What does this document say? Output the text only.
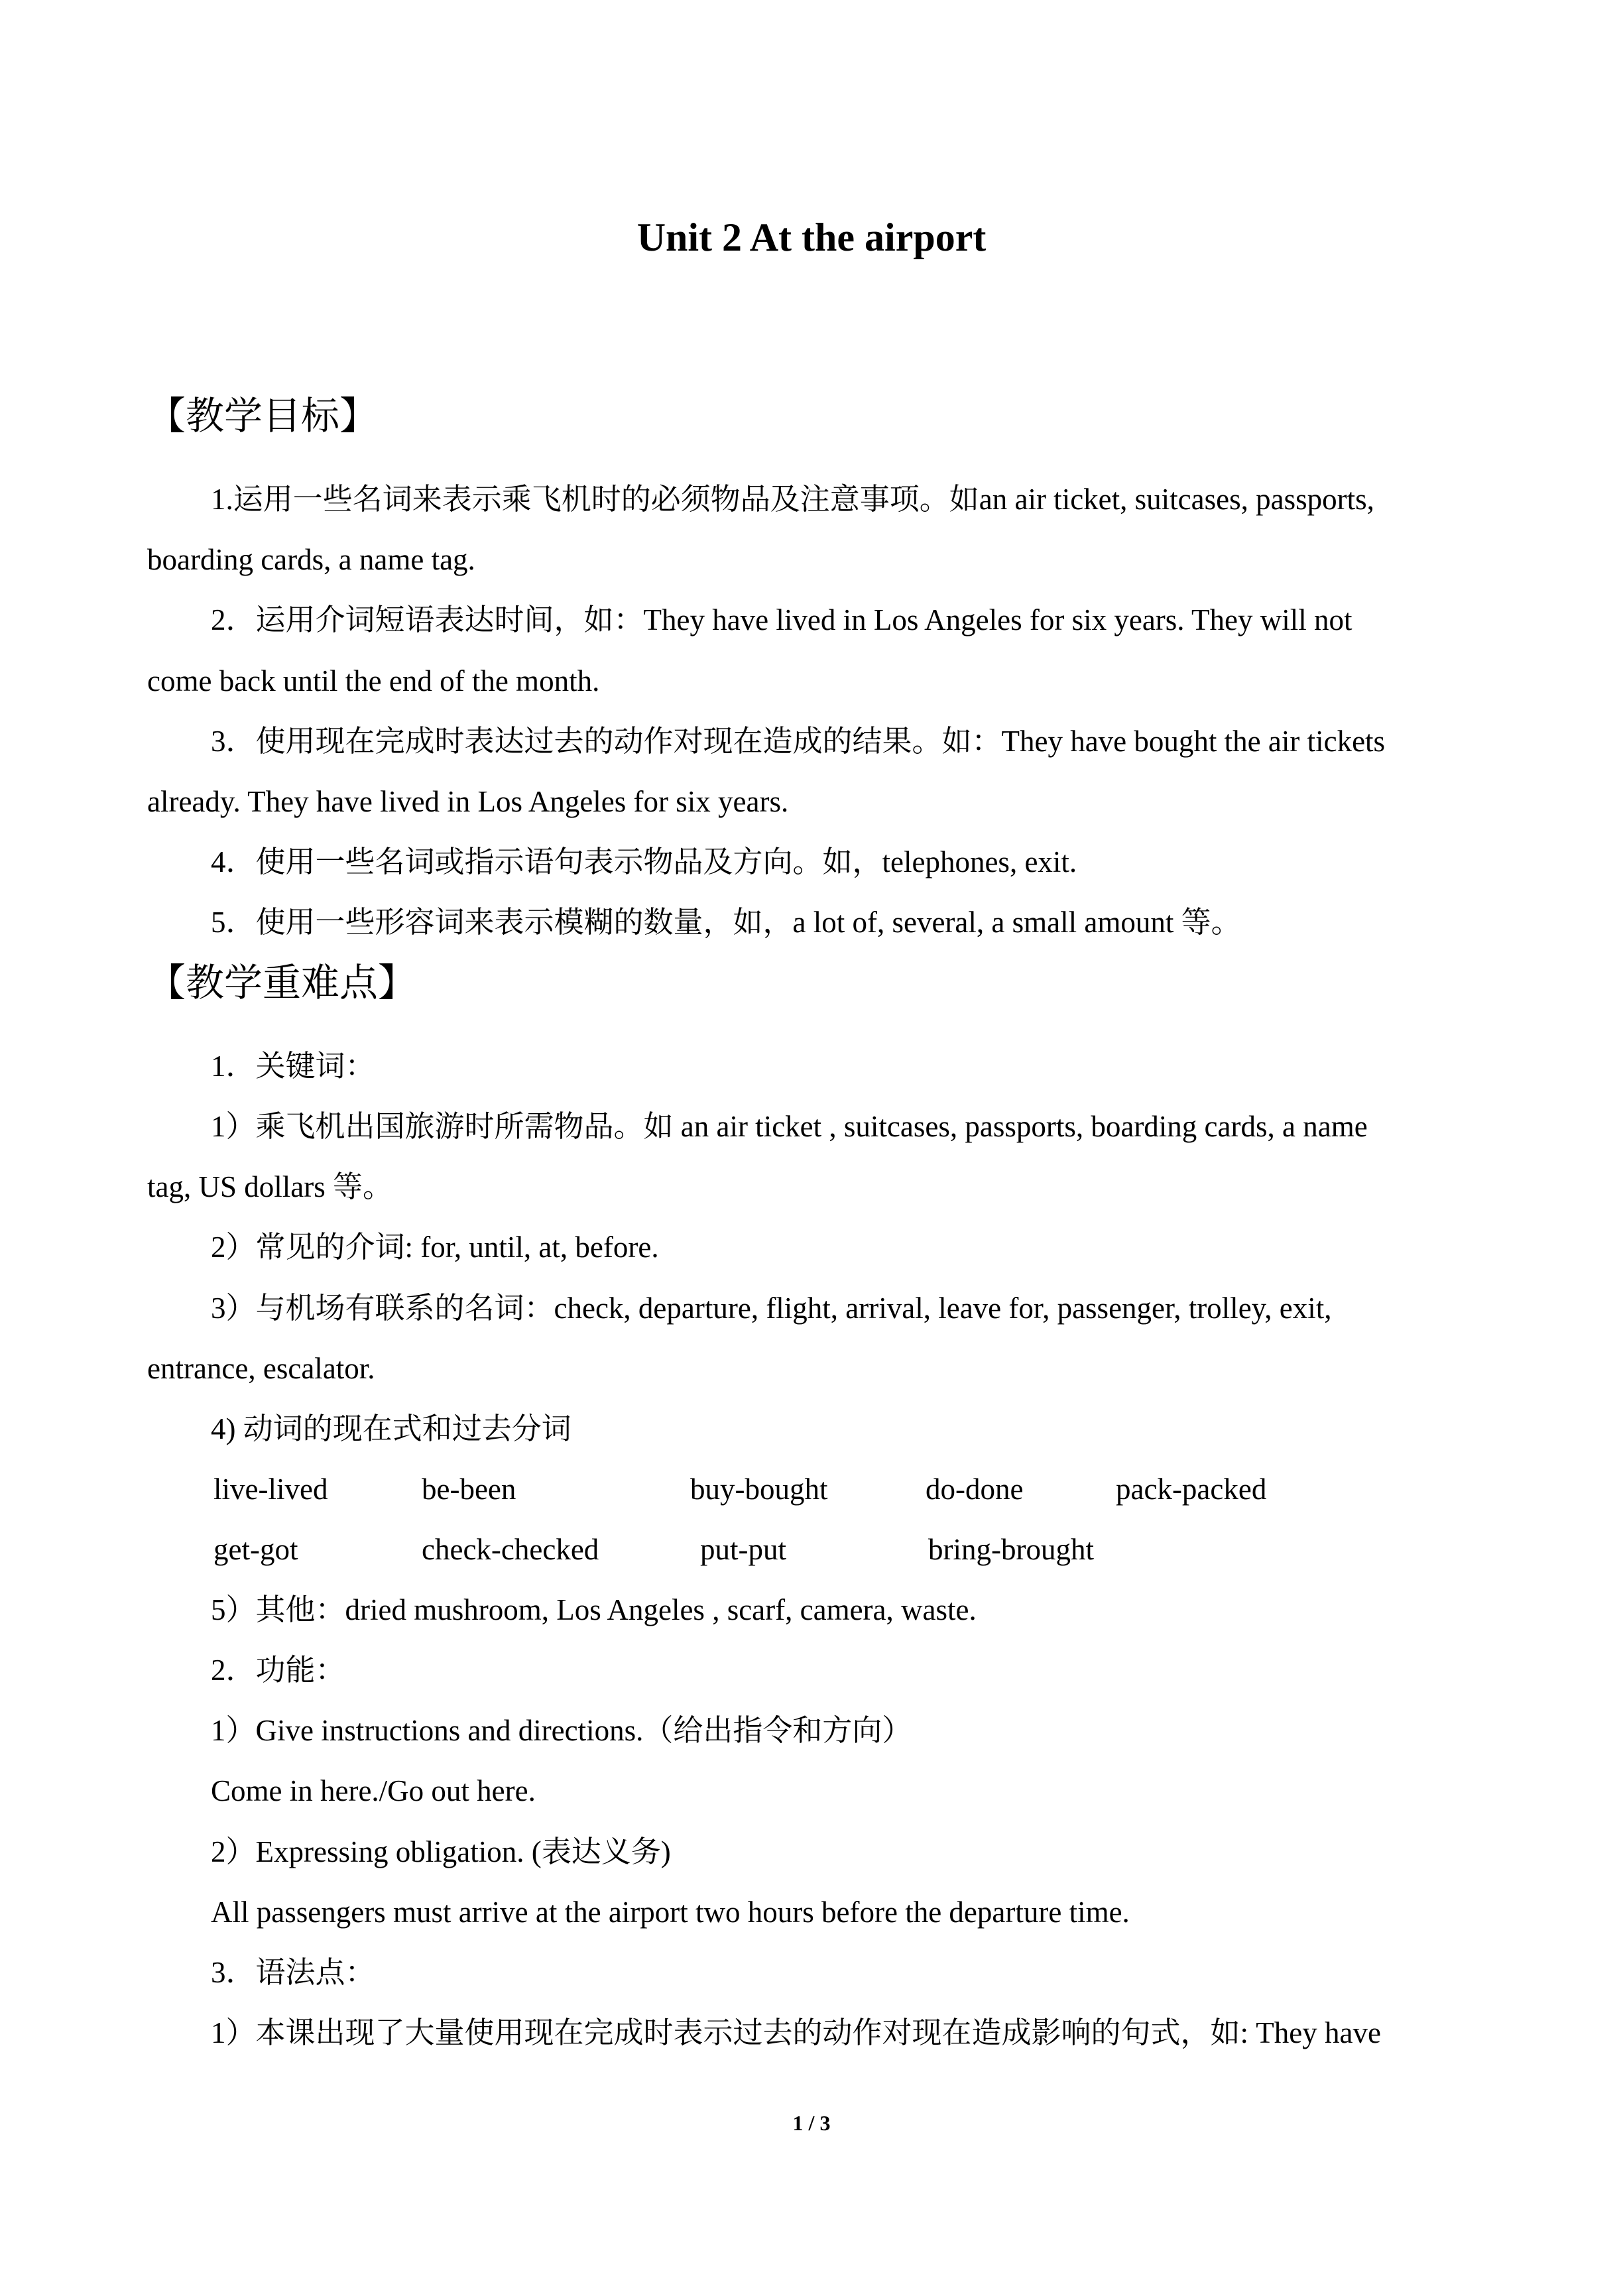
Unit 2 At the airport
【教学目标】
1.运用一些名词来表示乘飞机时的必须物品及注意事项。如an air ticket, suitcases, passports,
boarding cards, a name tag.
2．运用介词短语表达时间，如：They have lived in Los Angeles for six years. They will not
come back until the end of the month.
3．使用现在完成时表达过去的动作对现在造成的结果。如：They have bought the air tickets
already. They have lived in Los Angeles for six years.
4．使用一些名词或指示语句表示物品及方向。如，telephones, exit.
5．使用一些形容词来表示模糊的数量，如，a lot of, several, a small amount 等。
【教学重难点】
1．关键词：
1）乘飞机出国旅游时所需物品。如 an air ticket , suitcases, passports, boarding cards, a name
tag, US dollars 等。
2）常见的介词: for, until, at, before.
3）与机场有联系的名词：check, departure, flight, arrival, leave for, passenger, trolley, exit,
entrance, escalator.
4) 动词的现在式和过去分词
live-lived	be-been	buy-bought	do-done	pack-packed
get-got	check-checked	put-put	bring-brought
5）其他：dried mushroom, Los Angeles , scarf, camera, waste.
2．功能：
1）Give instructions and directions.（给出指令和方向）
Come in here./Go out here.
2）Expressing obligation. (表达义务)
All passengers must arrive at the airport two hours before the departure time.
3．语法点：
1）本课出现了大量使用现在完成时表示过去的动作对现在造成影响的句式，如: They have
1 / 3
